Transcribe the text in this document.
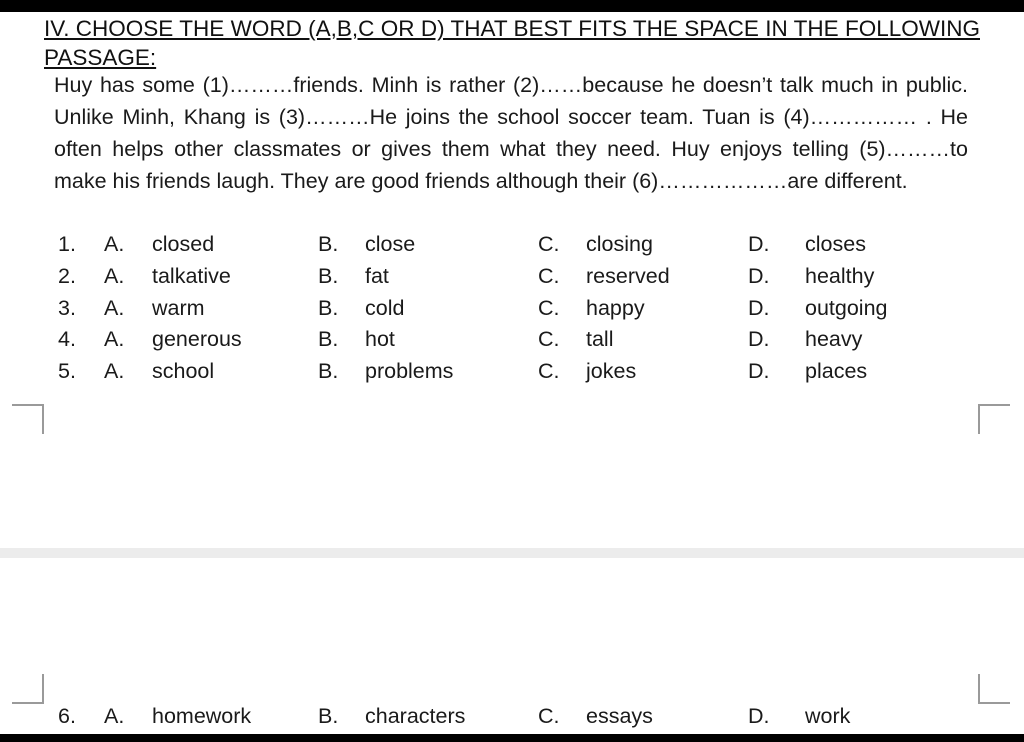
IV. CHOOSE THE WORD (A,B,C OR D) THAT BEST FITS THE SPACE IN THE FOLLOWING PASSAGE:

Huy has some (1)………friends. Minh is rather (2)……because he doesn’t talk much in public. Unlike Minh, Khang is (3)………He joins the school soccer team. Tuan is (4)…………… . He often helps other classmates or gives them what they need. Huy enjoys telling (5)………to make his friends laugh. They are good friends although their (6)………………are different.

1. A. closed	B. close	C. closing	D. closes
2. A. talkative	B. fat	C. reserved	D. healthy
3. A. warm	B. cold	C. happy	D. outgoing
4. A. generous	B. hot	C. tall	D. heavy
5. A. school	B. problems	C. jokes	D. places
6. A. homework	B. characters	C. essays	D. work
